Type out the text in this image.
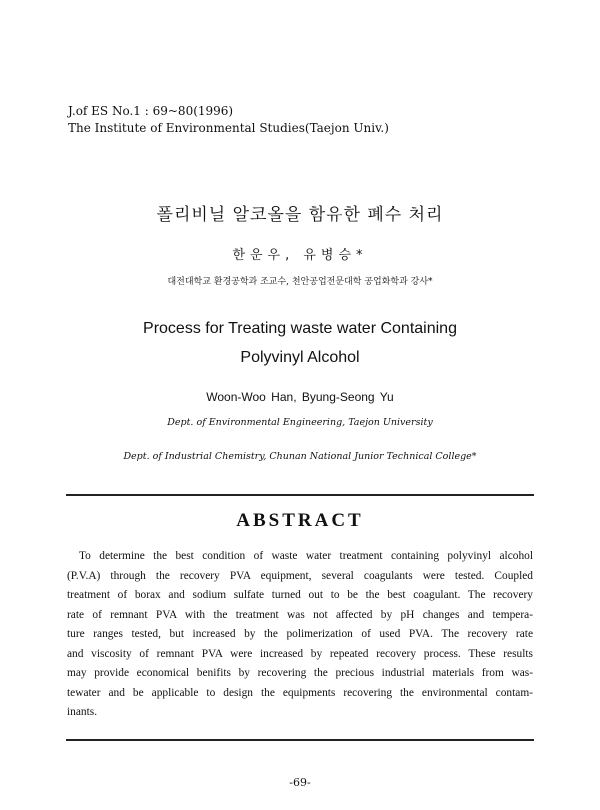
J.of ES No.1 : 69~80(1996)
The Institute of Environmental Studies(Taejon Univ.)
폴리비닐 알코올을 함유한 폐수 처리
한운우, 유병승*
대전대학교 환경공학과 조교수, 천안공업전문대학 공업화학과 강사*
Process for Treating waste water Containing
Polyvinyl Alcohol
Woon-Woo Han, Byung-Seong Yu
Dept. of Environmental Engineering, Taejon University
Dept. of Industrial Chemistry, Chunan National Junior Technical College*
ABSTRACT
To determine the best condition of waste water treatment containing polyvinyl alcohol
(P.V.A) through the recovery PVA equipment, several coagulants were tested. Coupled
treatment of borax and sodium sulfate turned out to be the best coagulant. The recovery
rate of remnant PVA with the treatment was not affected by pH changes and tempera-
ture ranges tested, but increased by the polimerization of used PVA. The recovery rate
and viscosity of remnant PVA were increased by repeated recovery process. These results
may provide economical benifits by recovering the precious industrial materials from was-
tewater and be applicable to design the equipments recovering the environmental contam-
inants.
-69-
